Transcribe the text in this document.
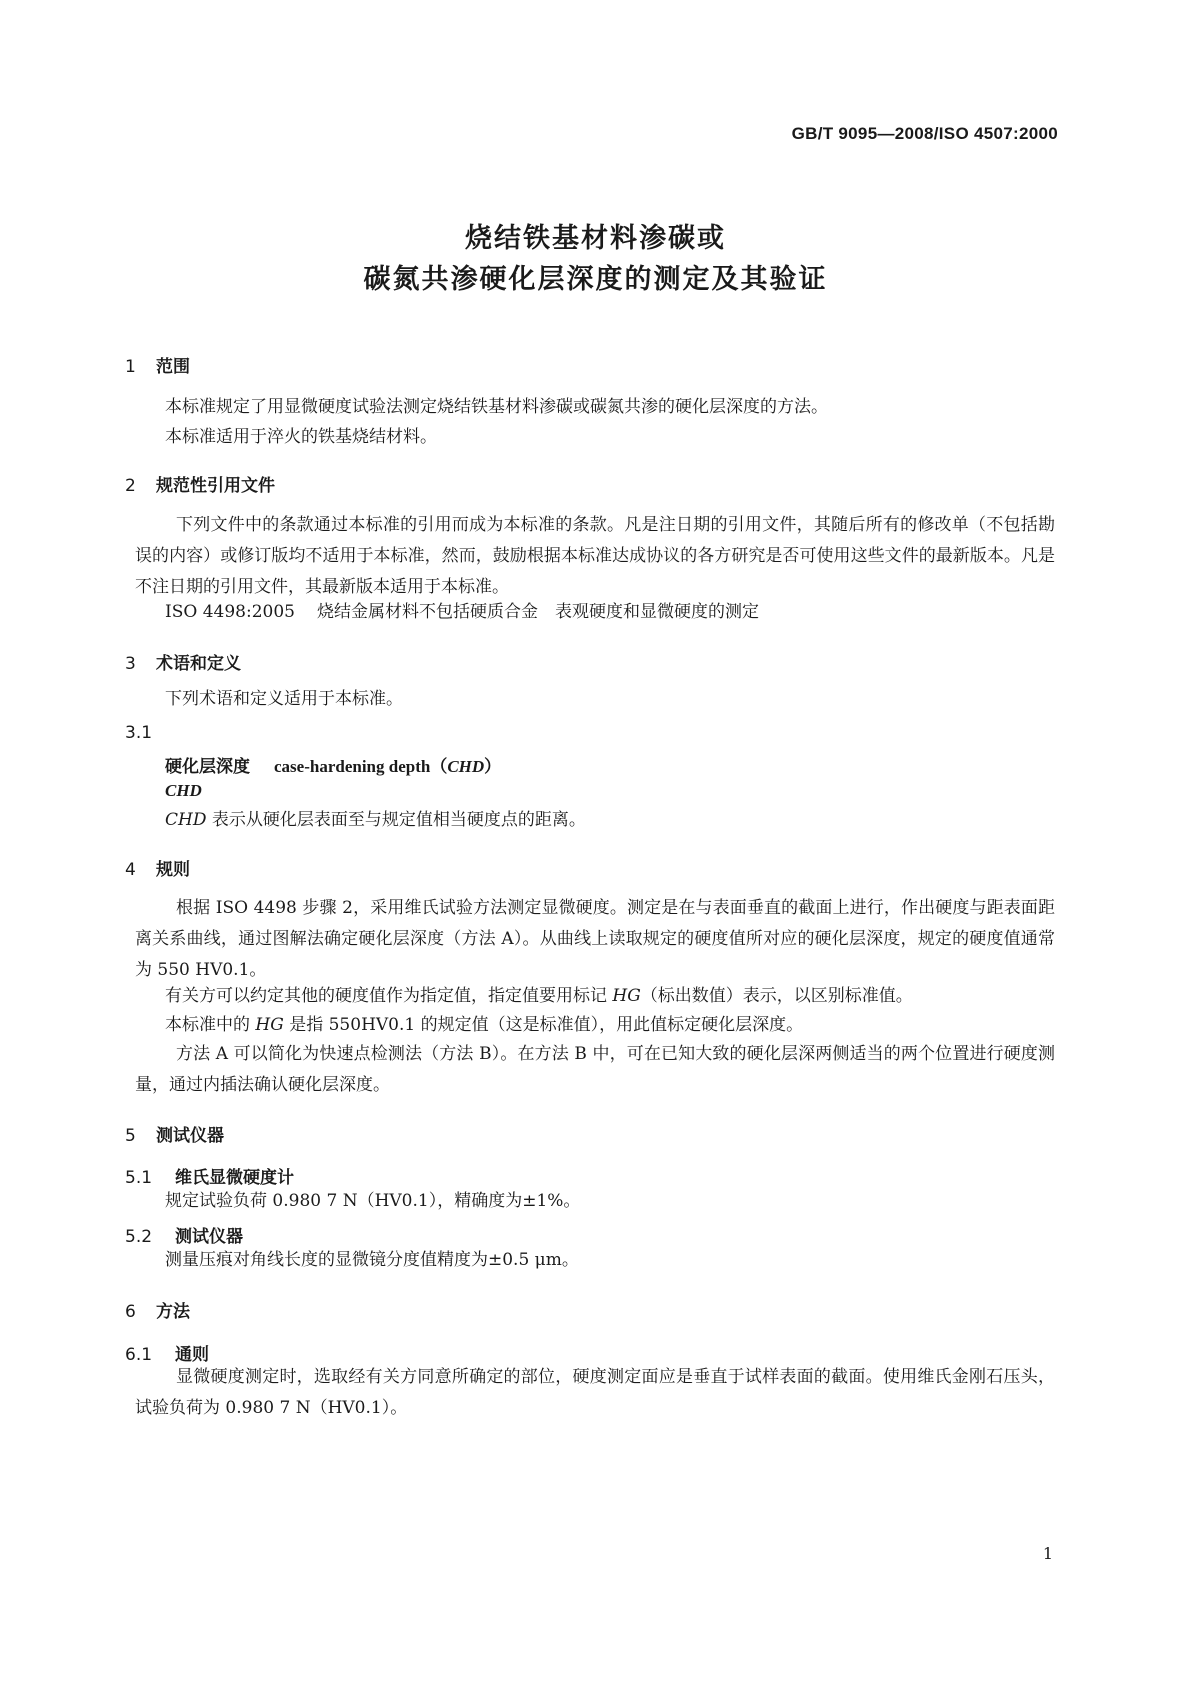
GB/T 9095—2008/ISO 4507:2000
烧结铁基材料渗碳或
碳氮共渗硬化层深度的测定及其验证
1 范围
本标准规定了用显微硬度试验法测定烧结铁基材料渗碳或碳氮共渗的硬化层深度的方法。
本标准适用于淬火的铁基烧结材料。
2 规范性引用文件
下列文件中的条款通过本标准的引用而成为本标准的条款。凡是注日期的引用文件，其随后所有的修改单（不包括勘误的内容）或修订版均不适用于本标准，然而，鼓励根据本标准达成协议的各方研究是否可使用这些文件的最新版本。凡是不注日期的引用文件，其最新版本适用于本标准。
ISO 4498:2005 烧结金属材料不包括硬质合金　表观硬度和显微硬度的测定
3 术语和定义
下列术语和定义适用于本标准。
3.1
硬化层深度 case-hardening depth（CHD）
CHD
CHD 表示从硬化层表面至与规定值相当硬度点的距离。
4 规则
根据 ISO 4498 步骤 2，采用维氏试验方法测定显微硬度。测定是在与表面垂直的截面上进行，作出硬度与距表面距离关系曲线，通过图解法确定硬化层深度（方法 A）。从曲线上读取规定的硬度值所对应的硬化层深度，规定的硬度值通常为 550 HV0.1。
有关方可以约定其他的硬度值作为指定值，指定值要用标记 HG（标出数值）表示，以区别标准值。
本标准中的 HG 是指 550HV0.1 的规定值（这是标准值），用此值标定硬化层深度。
方法 A 可以简化为快速点检测法（方法 B）。在方法 B 中，可在已知大致的硬化层深两侧适当的两个位置进行硬度测量，通过内插法确认硬化层深度。
5 测试仪器
5.1 维氏显微硬度计
规定试验负荷 0.980 7 N（HV0.1），精确度为±1%。
5.2 测试仪器
测量压痕对角线长度的显微镜分度值精度为±0.5 μm。
6 方法
6.1 通则
显微硬度测定时，选取经有关方同意所确定的部位，硬度测定面应是垂直于试样表面的截面。使用维氏金刚石压头，试验负荷为 0.980 7 N（HV0.1）。
1
